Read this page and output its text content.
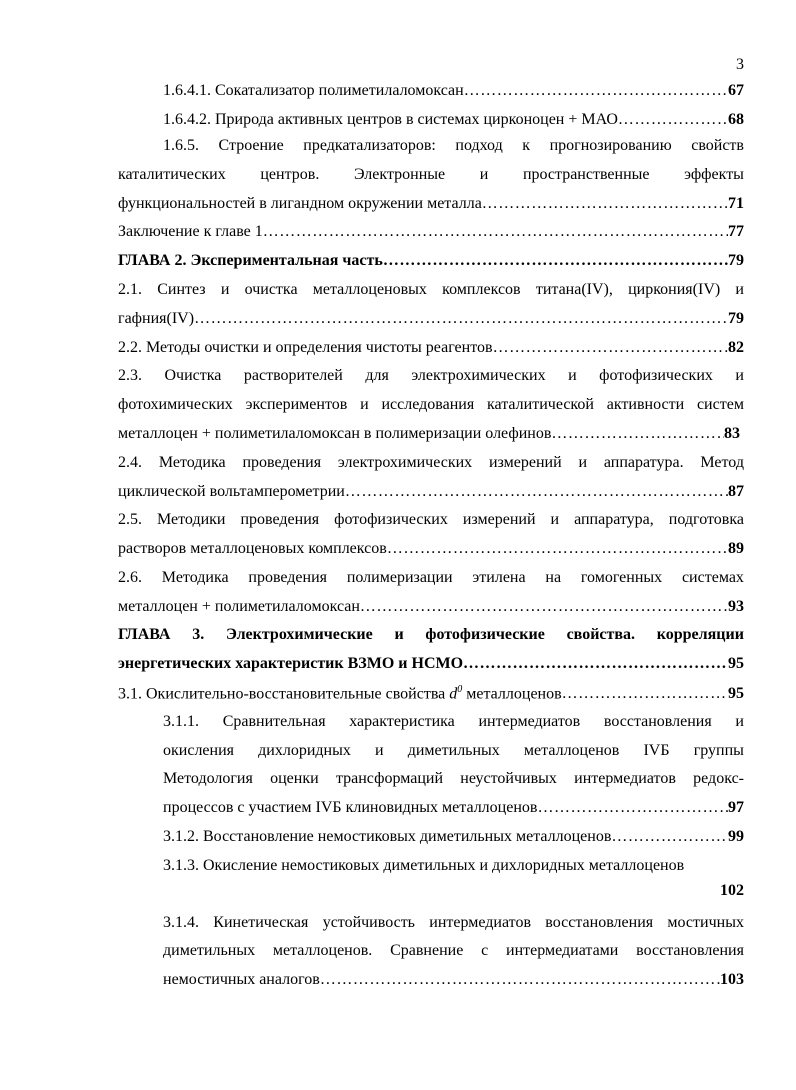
3
1.6.4.1. Сокатализатор полиметилаломоксан …………………………………………………………………………………………………………………………………………	67
1.6.4.2. Природа активных центров в системах цирконоцен + МАО …………………………………………………………………………………………………………………………………………	68
1.6.5. Строение предкатализаторов: подход к прогнозированию свойств
каталитических центров. Электронные и пространственные эффекты
функциональностей в лигандном окружении металла …………………………………………………………………………………………………………………………………………	71
Заключение к главе 1 …………………………………………………………………………………………………………………………………………	77
ГЛАВА 2. Экспериментальная часть …………………………………………………………………………………………………………………………………………	79
2.1. Синтез и очистка металлоценовых комплексов титана(IV), циркония(IV) и
гафния(IV) …………………………………………………………………………………………………………………………………………	79
2.2. Методы очистки и определения чистоты реагентов …………………………………………………………………………………………………………………………………………	82
2.3. Очистка растворителей для электрохимических и фотофизических и
фотохимических экспериментов и исследования каталитической активности систем
металлоцен + полиметилаломоксан в полимеризации олефинов …………………………………………………………………………………………………………………………………………	83
2.4. Методика проведения электрохимических измерений и аппаратура. Метод
циклической вольтамперометрии …………………………………………………………………………………………………………………………………………	87
2.5. Методики проведения фотофизических измерений и аппаратура, подготовка
растворов металлоценовых комплексов …………………………………………………………………………………………………………………………………………	89
2.6. Методика проведения полимеризации этилена на гомогенных системах
металлоцен + полиметилаломоксан …………………………………………………………………………………………………………………………………………	93
ГЛАВА 3. Электрохимические и фотофизические свойства. корреляции
энергетических характеристик ВЗМО и НСМО …………………………………………………………………………………………………………………………………………	95
3.1. Окислительно-восстановительные свойства $d^0$ металлоценов …………………………………………………………………………………………………………………………………………	95
3.1.1. Сравнительная характеристика интермедиатов восстановления и
окисления дихлоридных и диметильных металлоценов IVБ группы
Методология оценки трансформаций неустойчивых интермедиатов редокс-
процессов с участием IVБ клиновидных металлоценов …………………………………………………………………………………………………………………………………………	97
3.1.2. Восстановление немостиковых диметильных металлоценов …………………………………………………………………………………………………………………………………………	99
3.1.3. Окисление немостиковых диметильных и дихлоридных металлоценов
102
3.1.4. Кинетическая устойчивость интермедиатов восстановления мостичных
диметильных металлоценов. Сравнение с интермедиатами восстановления
немостичных аналогов …………………………………………………………………………………………………………………………………………	103
